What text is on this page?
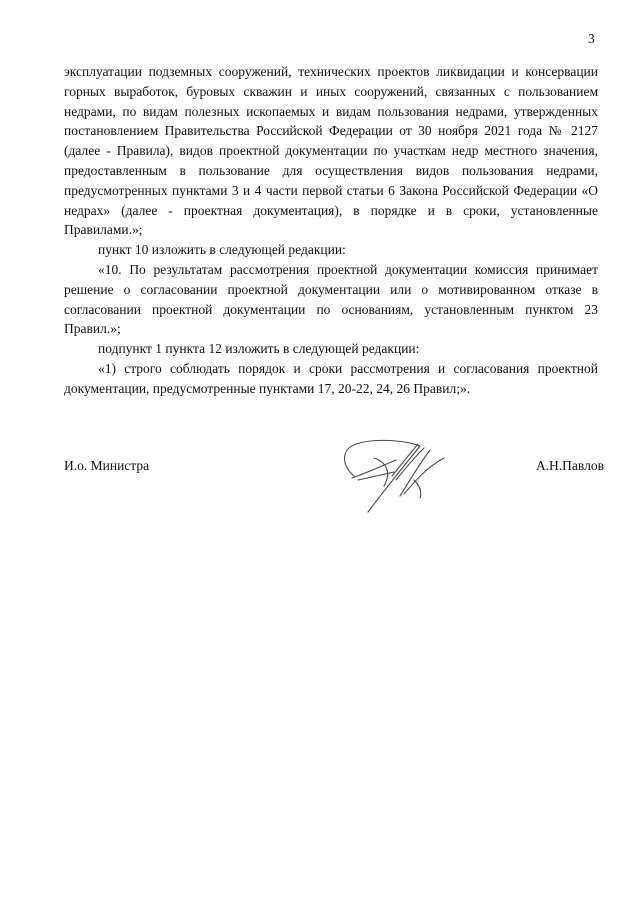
3

эксплуатации подземных сооружений, технических проектов ликвидации и консервации горных выработок, буровых скважин и иных сооружений, связанных с пользованием недрами, по видам полезных ископаемых и видам пользования недрами, утвержденных постановлением Правительства Российской Федерации от 30 ноября 2021 года № 2127 (далее - Правила), видов проектной документации по участкам недр местного значения, предоставленным в пользование для осуществления видов пользования недрами, предусмотренных пунктами 3 и 4 части первой статьи 6 Закона Российской Федерации «О недрах» (далее - проектная документация), в порядке и в сроки, установленные Правилами.»;

пункт 10 изложить в следующей редакции:

«10. По результатам рассмотрения проектной документации комиссия принимает решение о согласовании проектной документации или о мотивированном отказе в согласовании проектной документации по основаниям, установленным пунктом 23 Правил.»;

подпункт 1 пункта 12 изложить в следующей редакции:

«1) строго соблюдать порядок и сроки рассмотрения и согласования проектной документации, предусмотренные пунктами 17, 20-22, 24, 26 Правил;».

И.о. Министра	А.Н.Павлов
